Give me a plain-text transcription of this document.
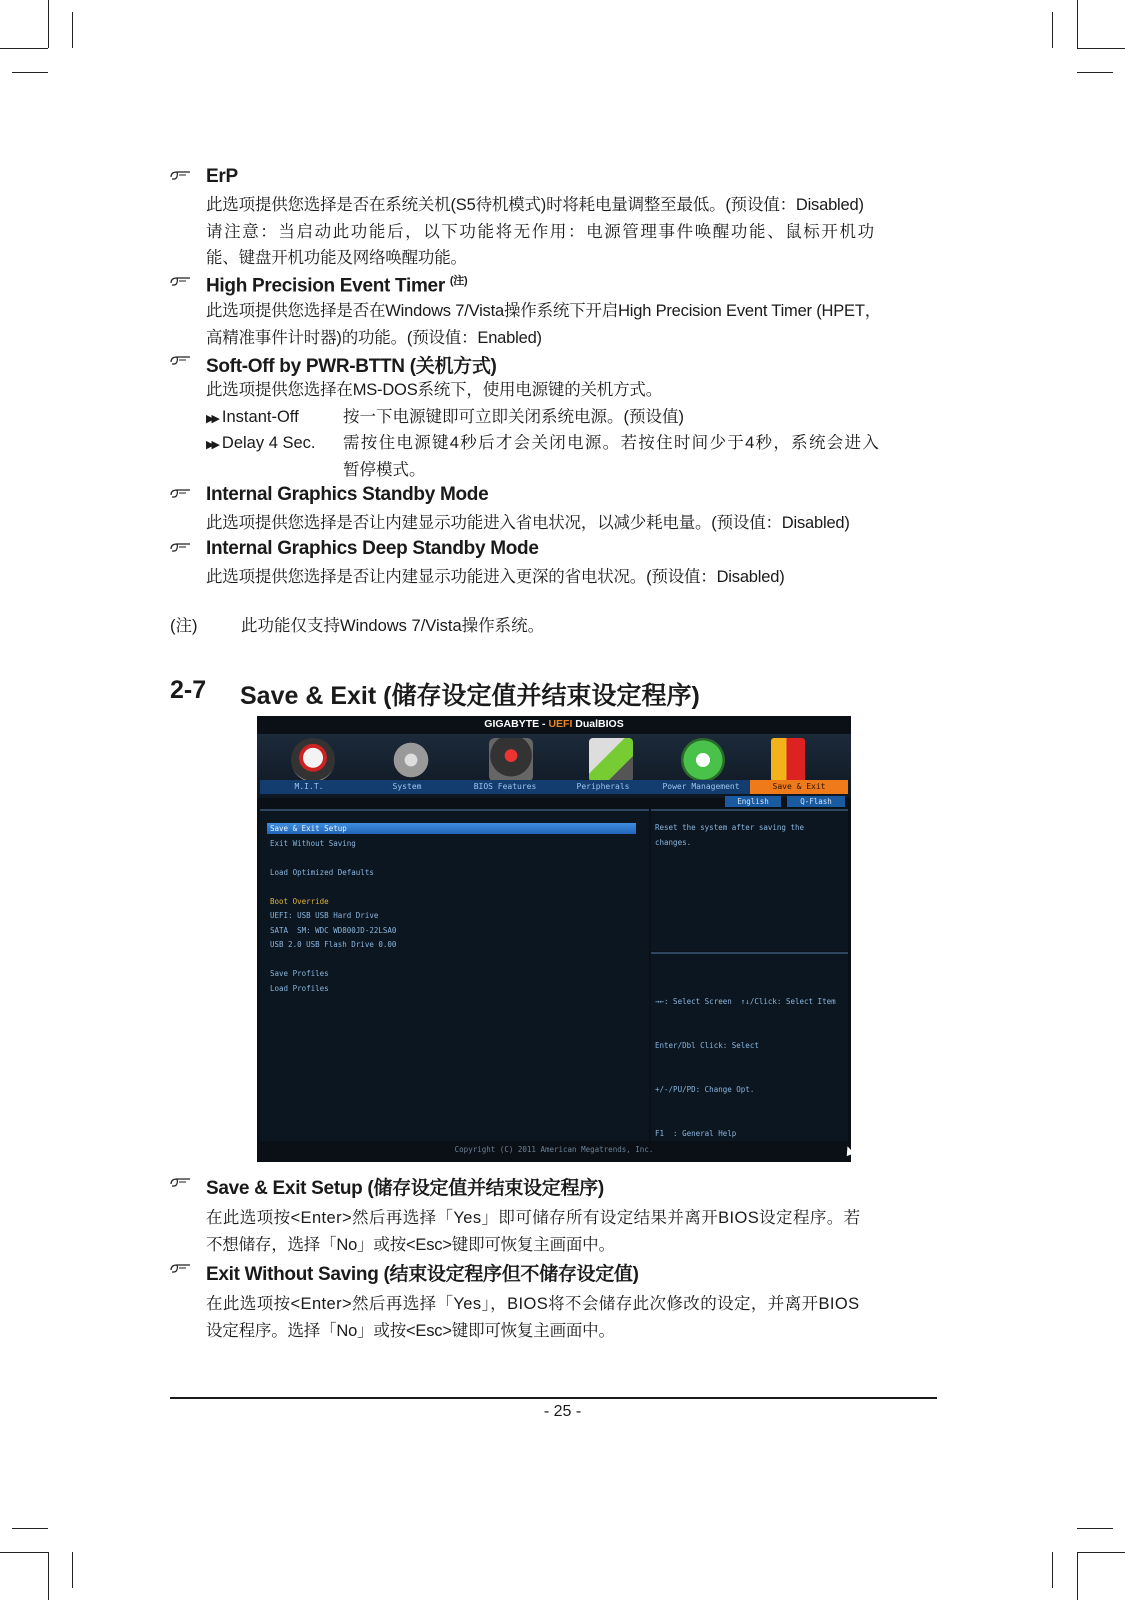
ErP
此选项提供您选择是否在系统关机(S5待机模式)时将耗电量调整至最低。(预设值：Disabled)
请注意：当启动此功能后，以下功能将无作用：电源管理事件唤醒功能、鼠标开机功
能、键盘开机功能及网络唤醒功能。
High Precision Event Timer $^{(注)}$
此选项提供您选择是否在Windows 7/Vista操作系统下开启High Precision Event Timer (HPET，
高精准事件计时器)的功能。(预设值：Enabled)
Soft-Off by PWR-BTTN (关机方式)
此选项提供您选择在MS-DOS系统下，使用电源键的关机方式。
▶▶ Instant-Off	按一下电源键即可立即关闭系统电源。(预设值)
▶▶ Delay 4 Sec. 需按住电源键4秒后才会关闭电源。若按住时间少于4秒，系统会进入
暂停模式。
Internal Graphics Standby Mode
此选项提供您选择是否让内建显示功能进入省电状况，以减少耗电量。(预设值：Disabled)
Internal Graphics Deep Standby Mode
此选项提供您选择是否让内建显示功能进入更深的省电状况。(预设值：Disabled)
(注)	此功能仅支持Windows 7/Vista操作系统。
2-7 Save & Exit (储存设定值并结束设定程序)
GIGABYTE - UEFI DualBIOS
M.I.T.	System	BIOS Features	Peripherals	Power Management	Save & Exit
English	Q-Flash
Save & Exit Setup
Exit Without Saving
Load Optimized Defaults
Boot Override
UEFI: USB USB Hard Drive
SATA  SM: WDC WD800JD-22LSA0
USB 2.0 USB Flash Drive 0.00
Save Profiles
Load Profiles
Reset the system after saving the
changes.

→←: Select Screen  ↑↓/Click: Select Item

Enter/Dbl Click: Select

+/-/PU/PD: Change Opt.

F1  : General Help

Copyright (C) 2011 American Megatrends, Inc.
Save & Exit Setup (储存设定值并结束设定程序)
在此选项按<Enter>然后再选择「Yes」即可储存所有设定结果并离开BIOS设定程序。若
不想储存，选择「No」或按<Esc>键即可恢复主画面中。
Exit Without Saving (结束设定程序但不储存设定值)
在此选项按<Enter>然后再选择「Yes」，BIOS将不会储存此次修改的设定，并离开BIOS
设定程序。选择「No」或按<Esc>键即可恢复主画面中。
- 25 -
